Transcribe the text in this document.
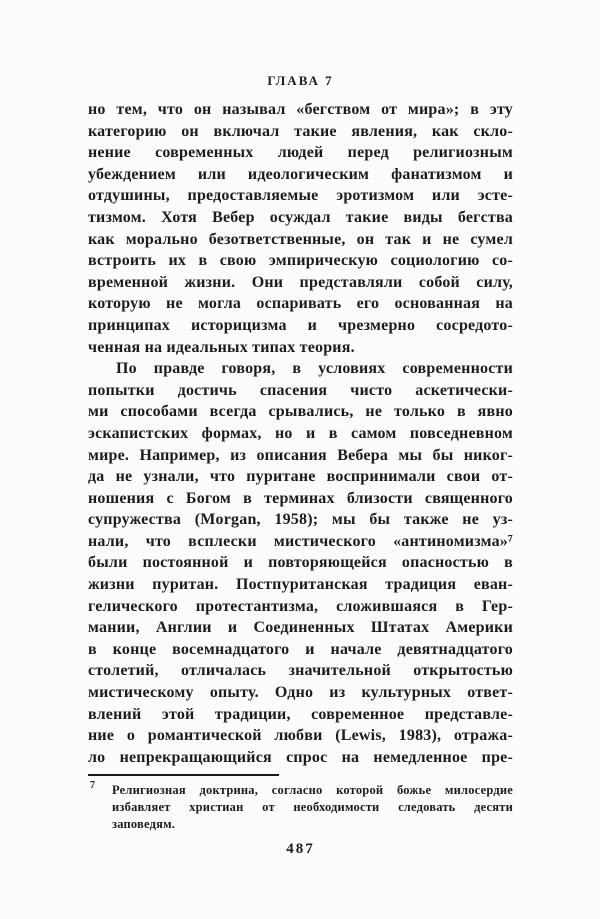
ГЛАВА 7
но тем, что он называл «бегством от мира»; в эту
категорию он включал такие явления, как скло-
нение современных людей перед религиозным
убеждением или идеологическим фанатизмом и
отдушины, предоставляемые эротизмом или эсте-
тизмом. Хотя Вебер осуждал такие виды бегства
как морально безответственные, он так и не сумел
встроить их в свою эмпирическую социологию со-
временной жизни. Они представляли собой силу,
которую не могла оспаривать его основанная на
принципах историцизма и чрезмерно сосредото-
ченная на идеальных типах теория.
По правде говоря, в условиях современности
попытки достичь спасения чисто аскетически-
ми способами всегда срывались, не только в явно
эскапистских формах, но и в самом повседневном
мире. Например, из описания Вебера мы бы никог-
да не узнали, что пуритане воспринимали свои от-
ношения с Богом в терминах близости священного
супружества (Morgan, 1958); мы бы также не уз-
нали, что всплески мистического «антиномизма»⁷
были постоянной и повторяющейся опасностью в
жизни пуритан. Постпуританская традиция еван-
гелического протестантизма, сложившаяся в Гер-
мании, Англии и Соединенных Штатах Америки
в конце восемнадцатого и начале девятнадцатого
столетий, отличалась значительной открытостью
мистическому опыту. Одно из культурных ответ-
влений этой традиции, современное представле-
ние о романтической любви (Lewis, 1983), отража-
ло непрекращающийся спрос на немедленное пре-
7 Религиозная доктрина, согласно которой божье милосердие
избавляет христиан от необходимости следовать десяти
заповедям.
487
